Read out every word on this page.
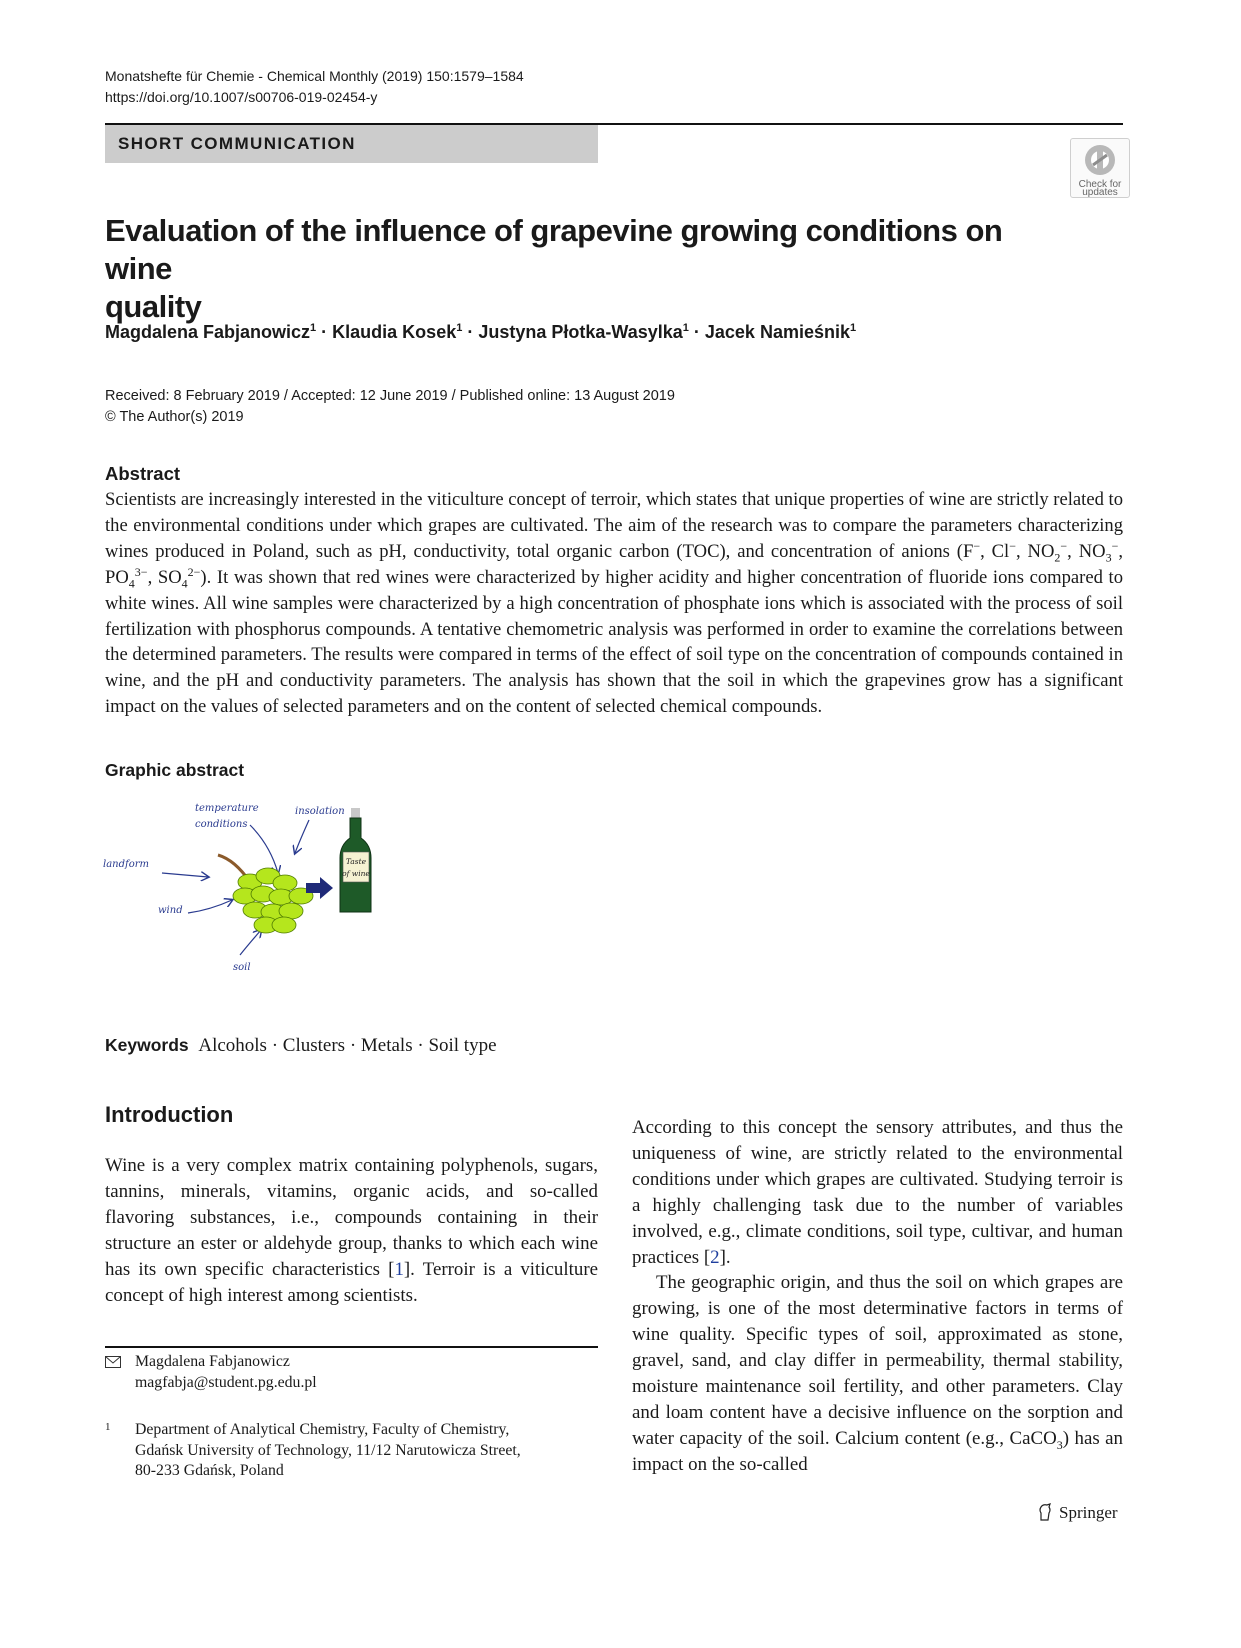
Monatshefte für Chemie - Chemical Monthly (2019) 150:1579–1584
https://doi.org/10.1007/s00706-019-02454-y
SHORT COMMUNICATION
Check for
updates
Evaluation of the influence of grapevine growing conditions on wine
quality
Magdalena Fabjanowicz$^1$ · Klaudia Kosek$^1$ · Justyna Płotka-Wasylka$^1$ · Jacek Namieśnik$^1$
Received: 8 February 2019 / Accepted: 12 June 2019 / Published online: 13 August 2019
© The Author(s) 2019
Abstract
Scientists are increasingly interested in the viticulture concept of terroir, which states that unique properties of wine are strictly related to the environmental conditions under which grapes are cultivated. The aim of the research was to compare the parameters characterizing wines produced in Poland, such as pH, conductivity, total organic carbon (TOC), and concentration of anions (F−, Cl−, $NO_2^-$, $NO_3^-$, $PO_4^{3-}$, $SO_4^{2-}$). It was shown that red wines were characterized by higher acidity and higher concentration of fluoride ions compared to white wines. All wine samples were characterized by a high concentration of phosphate ions which is associated with the process of soil fertilization with phosphorus compounds. A tentative chemometric analysis was performed in order to examine the correlations between the determined parameters. The results were compared in terms of the effect of soil type on the concentration of compounds contained in wine, and the pH and conductivity parameters. The analysis has shown that the soil in which the grapevines grow has a significant impact on the values of selected parameters and on the content of selected chemical compounds.
Graphic abstract
temperature
conditions
insolation
landform
wind
soil
Taste
of wine
Keywords Alcohols · Clusters · Metals · Soil type
Introduction
Wine is a very complex matrix containing polyphenols, sugars, tannins, minerals, vitamins, organic acids, and so-called flavoring substances, i.e., compounds containing in their structure an ester or aldehyde group, thanks to which each wine has its own specific characteristics [1]. Terroir is a viticulture concept of high interest among scientists.
Magdalena Fabjanowicz
magfabja@student.pg.edu.pl
1	Department of Analytical Chemistry, Faculty of Chemistry,
Gdańsk University of Technology, 11/12 Narutowicza Street,
80-233 Gdańsk, Poland

According to this concept the sensory attributes, and thus the uniqueness of wine, are strictly related to the environmental conditions under which grapes are cultivated. Studying terroir is a highly challenging task due to the number of variables involved, e.g., climate conditions, soil type, cultivar, and human practices [2].

The geographic origin, and thus the soil on which grapes are growing, is one of the most determinative factors in terms of wine quality. Specific types of soil, approximated as stone, gravel, sand, and clay differ in permeability, thermal stability, moisture maintenance soil fertility, and other parameters. Clay and loam content have a decisive influence on the sorption and water capacity of the soil. Calcium content (e.g., CaCO$_3$) has an impact on the so-called

Springer
